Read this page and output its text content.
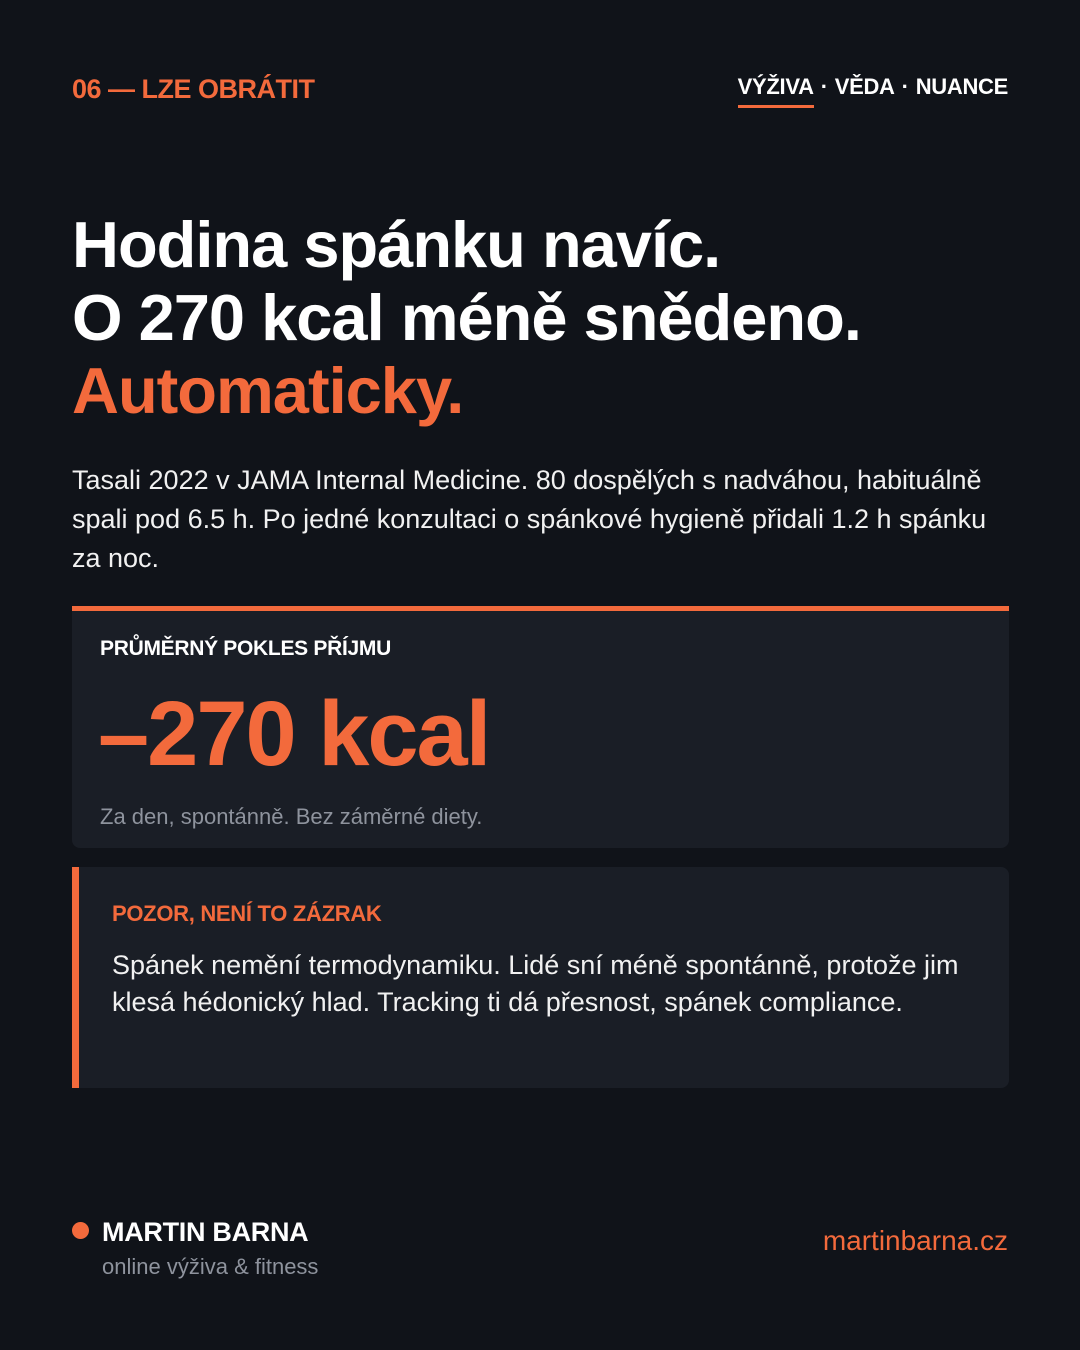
06 — LZE OBRÁTIT	VÝŽIVA · VĚDA · NUANCE
Hodina spánku navíc.
O 270 kcal méně snědeno.
Automaticky.

Tasali 2022 v JAMA Internal Medicine. 80 dospělých s nadváhou, habituálně spali pod 6.5 h. Po jedné konzultaci o spánkové hygieně přidali 1.2 h spánku za noc.

PRŮMĚRNÝ POKLES PŘÍJMU
–270 kcal
Za den, spontánně. Bez záměrné diety.
POZOR, NENÍ TO ZÁZRAK
Spánek nemění termodynamiku. Lidé sní méně spontánně, protože jim klesá hédonický hlad. Tracking ti dá přesnost, spánek compliance.
MARTIN BARNA
online výživa & fitness
martinbarna.cz
